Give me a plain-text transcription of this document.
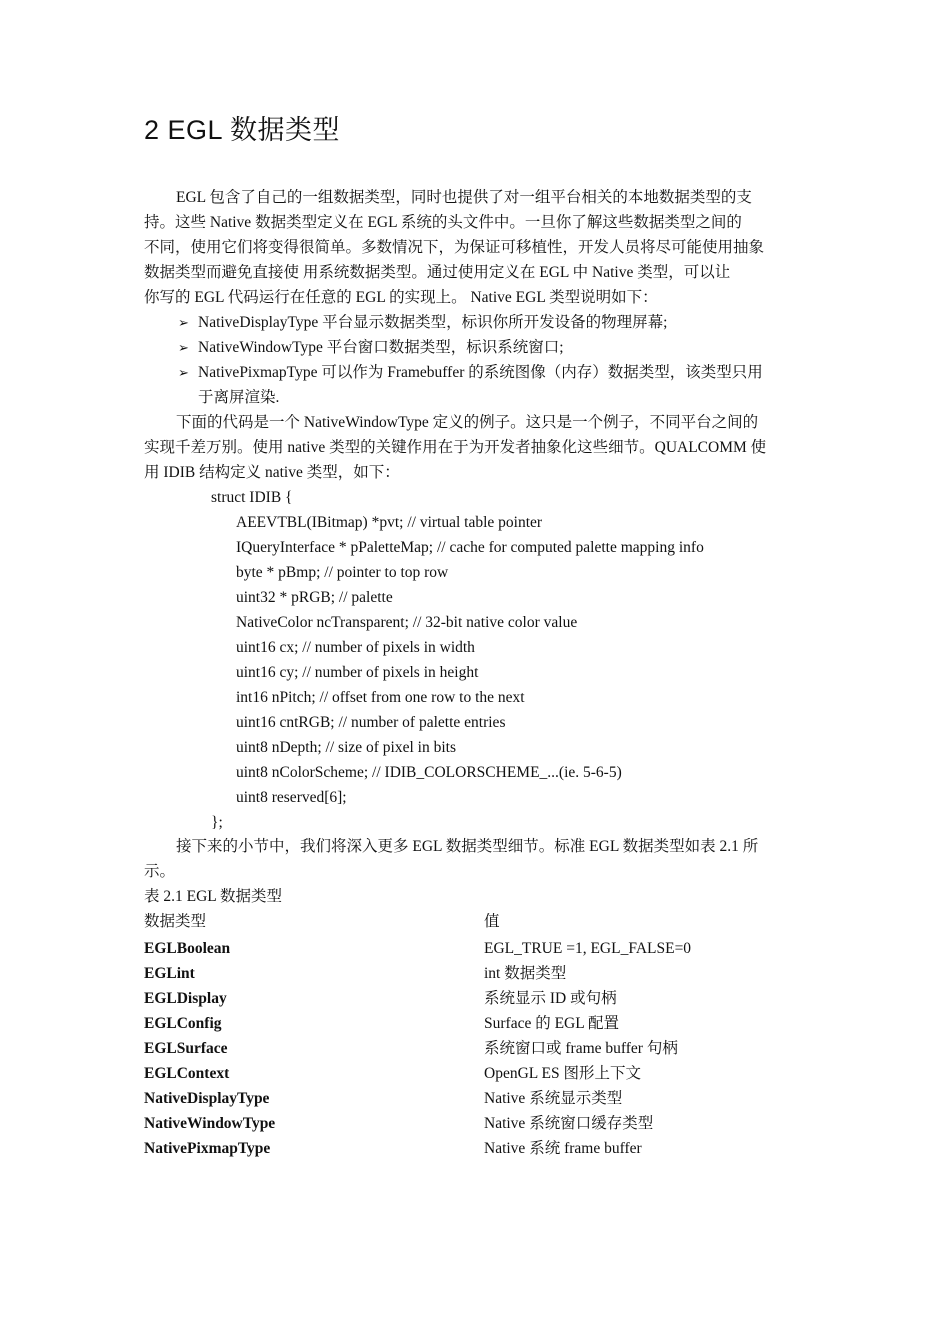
2 EGL 数据类型
EGL 包含了自己的一组数据类型，同时也提供了对一组平台相关的本地数据类型的支
持。这些 Native 数据类型定义在 EGL 系统的头文件中。一旦你了解这些数据类型之间的
不同，使用它们将变得很简单。多数情况下，为保证可移植性，开发人员将尽可能使用抽象
数据类型而避免直接使 用系统数据类型。通过使用定义在 EGL 中 Native 类型，可以让
你写的 EGL 代码运行在任意的 EGL 的实现上。 Native EGL 类型说明如下：
➢ NativeDisplayType 平台显示数据类型，标识你所开发设备的物理屏幕;
➢ NativeWindowType 平台窗口数据类型，标识系统窗口;
➢ NativePixmapType 可以作为 Framebuffer 的系统图像（内存）数据类型，该类型只用
于离屏渲染.
下面的代码是一个 NativeWindowType 定义的例子。这只是一个例子，不同平台之间的
实现千差万别。使用 native 类型的关键作用在于为开发者抽象化这些细节。QUALCOMM 使
用 IDIB 结构定义 native 类型，如下：
struct IDIB {
AEEVTBL(IBitmap) *pvt; // virtual table pointer
IQueryInterface * pPaletteMap; // cache for computed palette mapping info
byte * pBmp; // pointer to top row
uint32 * pRGB; // palette
NativeColor ncTransparent; // 32-bit native color value
uint16 cx; // number of pixels in width
uint16 cy; // number of pixels in height
int16 nPitch; // offset from one row to the next
uint16 cntRGB; // number of palette entries
uint8 nDepth; // size of pixel in bits
uint8 nColorScheme; // IDIB_COLORSCHEME_...(ie. 5-6-5)
uint8 reserved[6];
};
接下来的小节中，我们将深入更多 EGL 数据类型细节。标准 EGL 数据类型如表 2.1 所
示。
表 2.1 EGL 数据类型
数据类型	值
EGLBoolean	EGL_TRUE =1, EGL_FALSE=0
EGLint	int 数据类型
EGLDisplay	系统显示 ID 或句柄
EGLConfig	Surface 的 EGL 配置
EGLSurface	系统窗口或 frame buffer 句柄
EGLContext	OpenGL ES 图形上下文
NativeDisplayType	Native 系统显示类型
NativeWindowType	Native 系统窗口缓存类型
NativePixmapType	Native 系统 frame buffer
